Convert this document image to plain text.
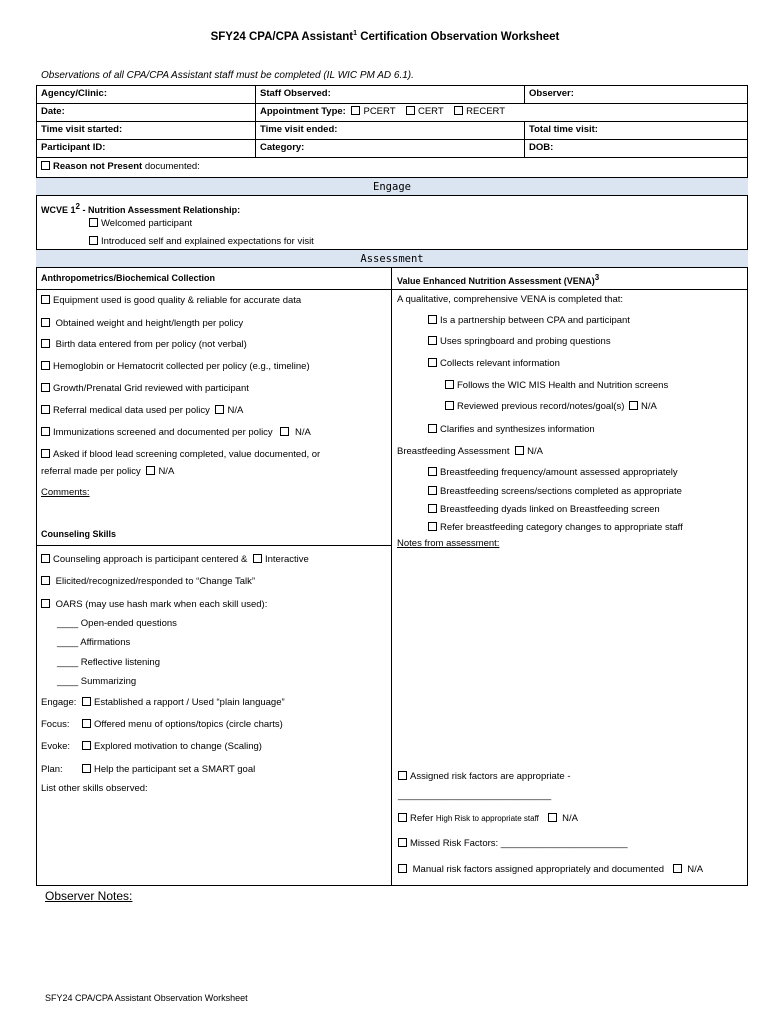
SFY24 CPA/CPA Assistant$^1$ Certification Observation Worksheet
Observations of all CPA/CPA Assistant staff must be completed (IL WIC PM AD 6.1).
Agency/Clinic:	Staff Observed:	Observer:
Date:	Appointment Type: PCERT CERT RECERT
Time visit started:	Time visit ended:	Total time visit:
Participant ID:	Category:	DOB:
Reason not Present documented:
Engage
WCVE $1^2$ - Nutrition Assessment Relationship:
Welcomed participant
Introduced self and explained expectations for visit
Assessment
Anthropometrics/Biochemical Collection	Value Enhanced Nutrition Assessment (VENA)$^3$
Equipment used is good quality & reliable for accurate data
Obtained weight and height/length per policy
Birth data entered from per policy (not verbal)
Hemoglobin or Hematocrit collected per policy (e.g., timeline)
Growth/Prenatal Grid reviewed with participant
Referral medical data used per policy N/A
Immunizations screened and documented per policy N/A
Asked if blood lead screening completed, value documented, or
referral made per policy N/A
Comments:
Counseling Skills
Counseling approach is participant centered & Interactive
Elicited/recognized/responded to “Change Talk”
OARS (may use hash mark when each skill used):
____ Open-ended questions
____ Affirmations
____ Reflective listening
____ Summarizing
Engage:	Established a rapport / Used “plain language”
Focus:	Offered menu of options/topics (circle charts)
Evoke:	Explored motivation to change (Scaling)
Plan:	Help the participant set a SMART goal
List other skills observed:
A qualitative, comprehensive VENA is completed that:
Is a partnership between CPA and participant
Uses springboard and probing questions
Collects relevant information
Follows the WIC MIS Health and Nutrition screens
Reviewed previous record/notes/goal(s) N/A
Clarifies and synthesizes information
Breastfeeding Assessment N/A
Breastfeeding frequency/amount assessed appropriately
Breastfeeding screens/sections completed as appropriate
Breastfeeding dyads linked on Breastfeeding screen
Refer breastfeeding category changes to appropriate staff
Notes from assessment:
Assigned risk factors are appropriate -
_____________________________
Refer High Risk to appropriate staff N/A
Missed Risk Factors: ________________________
Manual risk factors assigned appropriately and documented N/A
Observer Notes:
SFY24 CPA/CPA Assistant Observation Worksheet
